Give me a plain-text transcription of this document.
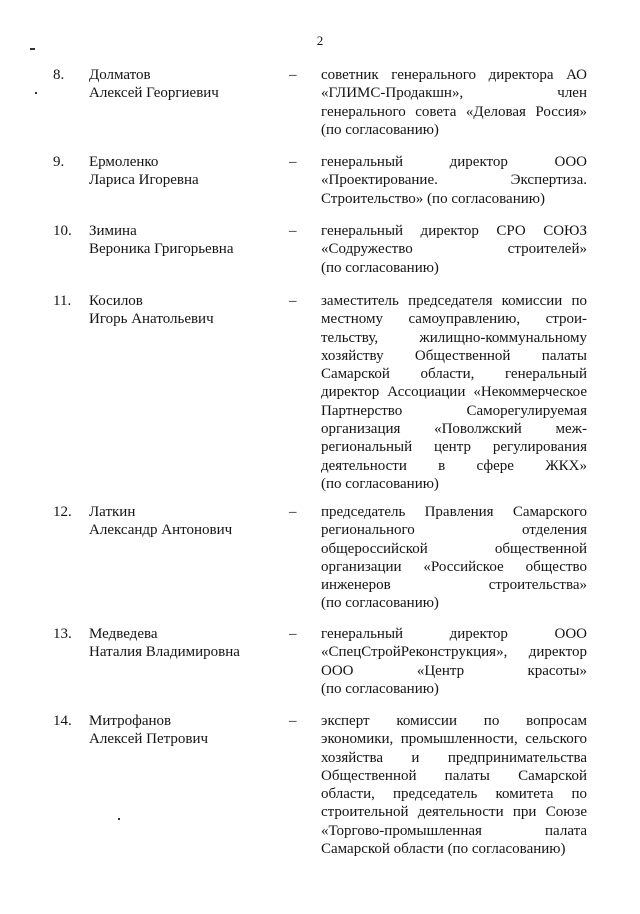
2
8. Долматов
Алексей Георгиевич
– советник генерального директора АО
«ГЛИМС-Продакшн», член
генерального совета «Деловая Россия»
(по согласованию)
9. Ермоленко
Лариса Игоревна
– генеральный директор ООО
«Проектирование. Экспертиза.
Строительство» (по согласованию)
10. Зимина
Вероника Григорьевна
– генеральный директор СРО СОЮЗ
«Содружество строителей»
(по согласованию)
11. Косилов
Игорь Анатольевич
– заместитель председателя комиссии по
местному самоуправлению, строи-
тельству, жилищно-коммунальному
хозяйству Общественной палаты
Самарской области, генеральный
директор Ассоциации «Некоммерческое
Партнерство Саморегулируемая
организация «Поволжский меж-
региональный центр регулирования
деятельности в сфере ЖКХ»
(по согласованию)
12. Латкин
Александр Антонович
– председатель Правления Самарского
регионального отделения
общероссийской общественной
организации «Российское общество
инженеров строительства»
(по согласованию)
13. Медведева
Наталия Владимировна
– генеральный директор ООО
«СпецСтройРеконструкция», директор
ООО «Центр красоты»
(по согласованию)
14. Митрофанов
Алексей Петрович
– эксперт комиссии по вопросам
экономики, промышленности, сельского
хозяйства и предпринимательства
Общественной палаты Самарской
области, председатель комитета по
строительной деятельности при Союзе
«Торгово-промышленная палата
Самарской области (по согласованию)
